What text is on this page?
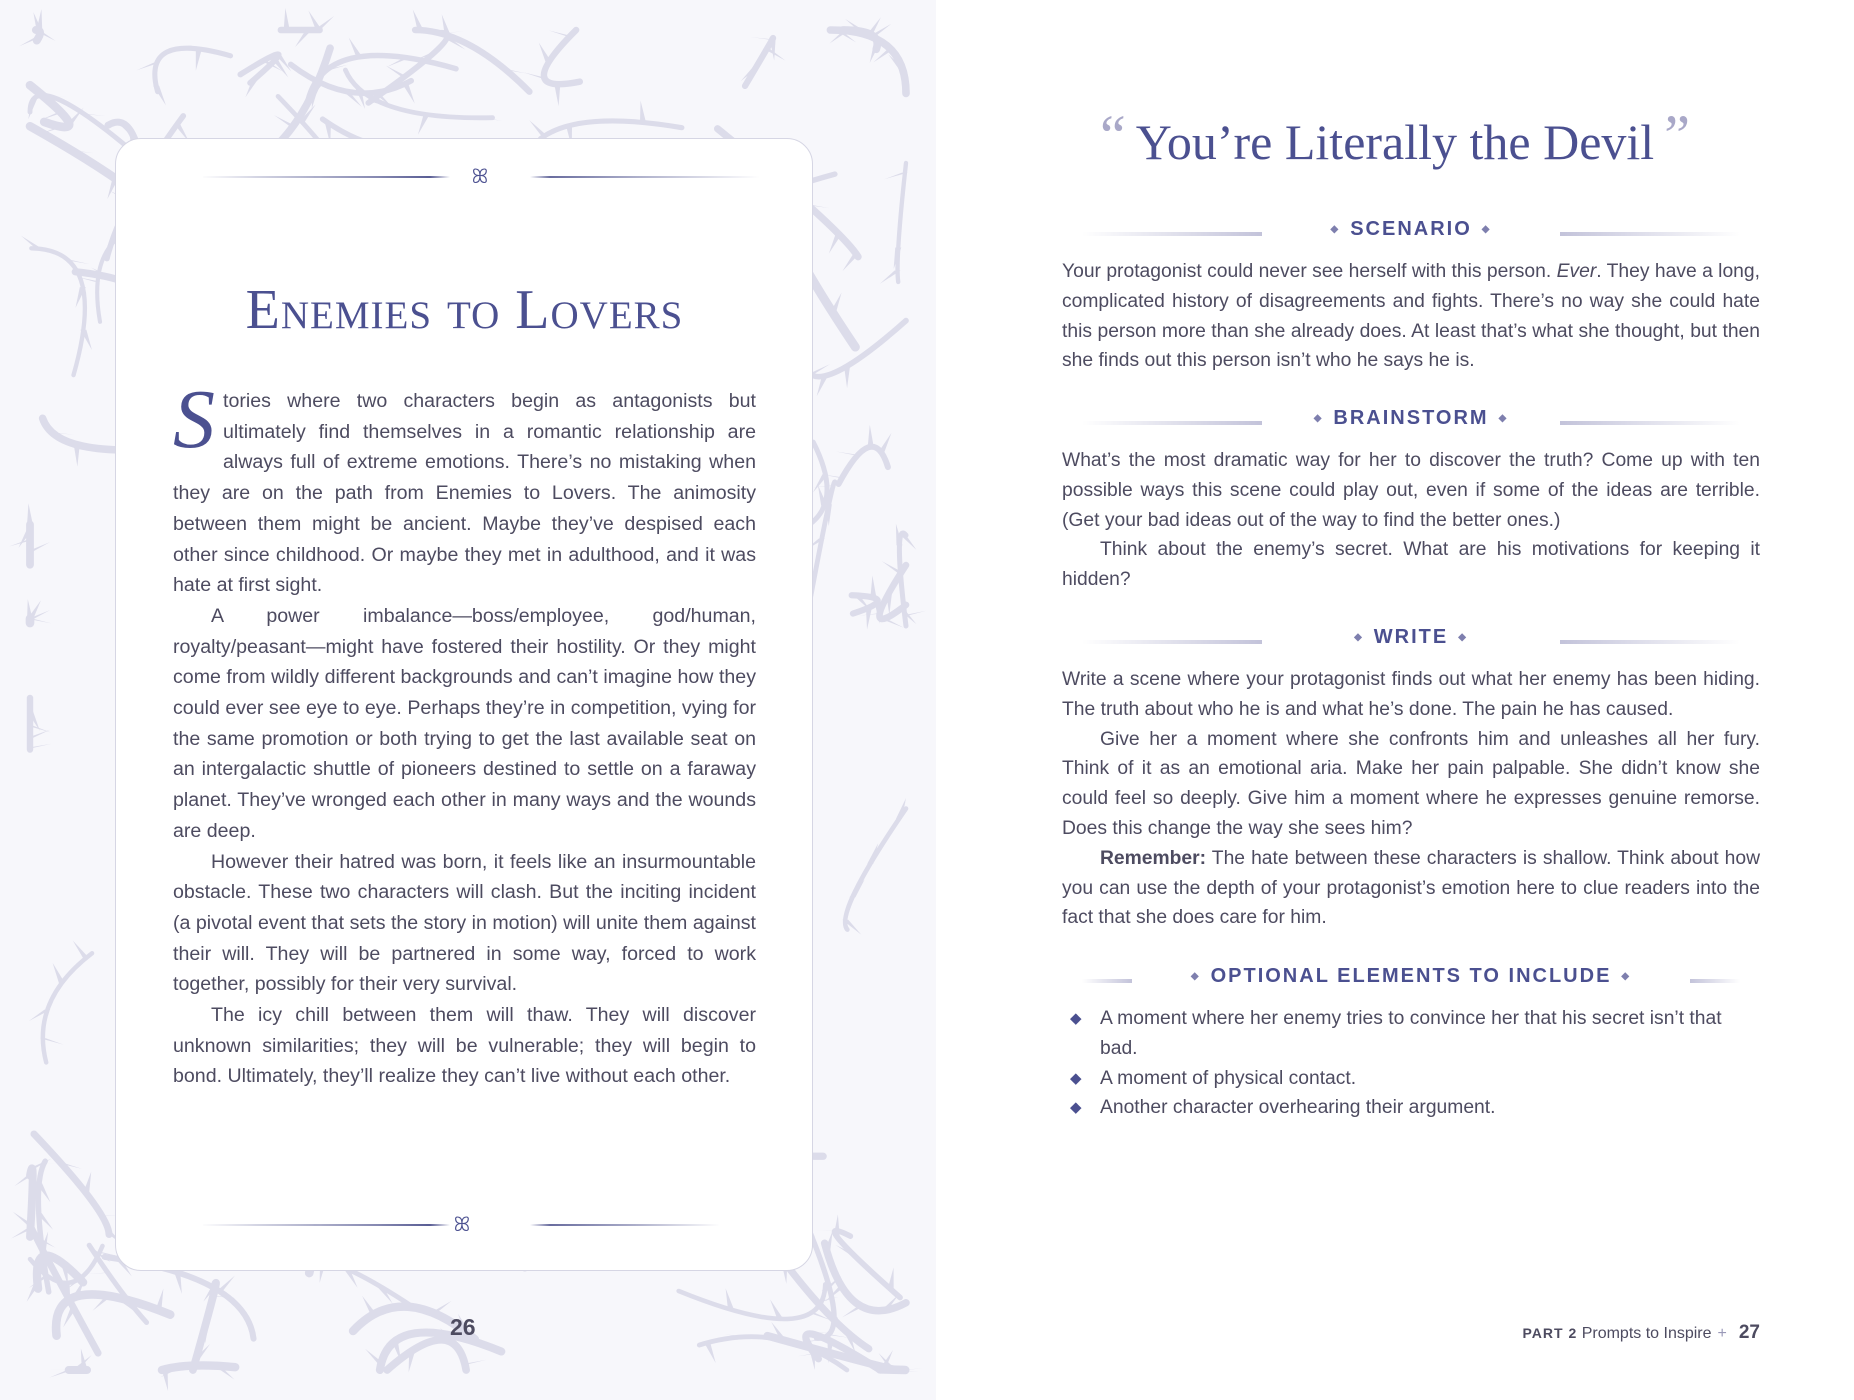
ꕤ
Enemies to Lovers

Stories where two characters begin as antagonists but ultimately find themselves in a romantic relationship are always full of extreme emotions. There’s no mistaking when they are on the path from Enemies to Lovers. The animosity between them might be ancient. Maybe they’ve despised each other since childhood. Or maybe they met in adulthood, and it was hate at first sight.

A power imbalance—boss/employee, god/human, royalty/peasant—might have fostered their hostility. Or they might come from wildly different backgrounds and can’t imagine how they could ever see eye to eye. Perhaps they’re in competition, vying for the same promotion or both trying to get the last available seat on an intergalactic shuttle of pioneers destined to settle on a faraway planet. They’ve wronged each other in many ways and the wounds are deep.

However their hatred was born, it feels like an insurmountable obstacle. These two characters will clash. But the inciting incident (a pivotal event that sets the story in motion) will unite them against their will. They will be partnered in some way, forced to work together, possibly for their very survival.

The icy chill between them will thaw. They will discover unknown similarities; they will be vulnerable; they will begin to bond. Ultimately, they’ll realize they can’t live without each other.

ꕤ
26
“ You’re Literally the Devil ”
◆ SCENARIO ◆

Your protagonist could never see herself with this person. Ever. They have a long, complicated history of disagreements and fights. There’s no way she could hate this person more than she already does. At least that’s what she thought, but then she finds out this person isn’t who he says he is.

◆ BRAINSTORM ◆

What’s the most dramatic way for her to discover the truth? Come up with ten possible ways this scene could play out, even if some of the ideas are terrible. (Get your bad ideas out of the way to find the better ones.)

Think about the enemy’s secret. What are his motivations for keeping it hidden?

◆ WRITE ◆

Write a scene where your protagonist finds out what her enemy has been hiding. The truth about who he is and what he’s done. The pain he has caused.

Give her a moment where she confronts him and unleashes all her fury. Think of it as an emotional aria. Make her pain palpable. She didn’t know she could feel so deeply. Give him a moment where he expresses genuine remorse. Does this change the way she sees him?

Remember: The hate between these characters is shallow. Think about how you can use the depth of your protagonist’s emotion here to clue readers into the fact that she does care for him.

◆ OPTIONAL ELEMENTS TO INCLUDE ◆
◆ A moment where her enemy tries to convince her that his secret isn’t that bad.
◆ A moment of physical contact.
◆ Another character overhearing their argument.
PART 2 Prompts to Inspire + 27
